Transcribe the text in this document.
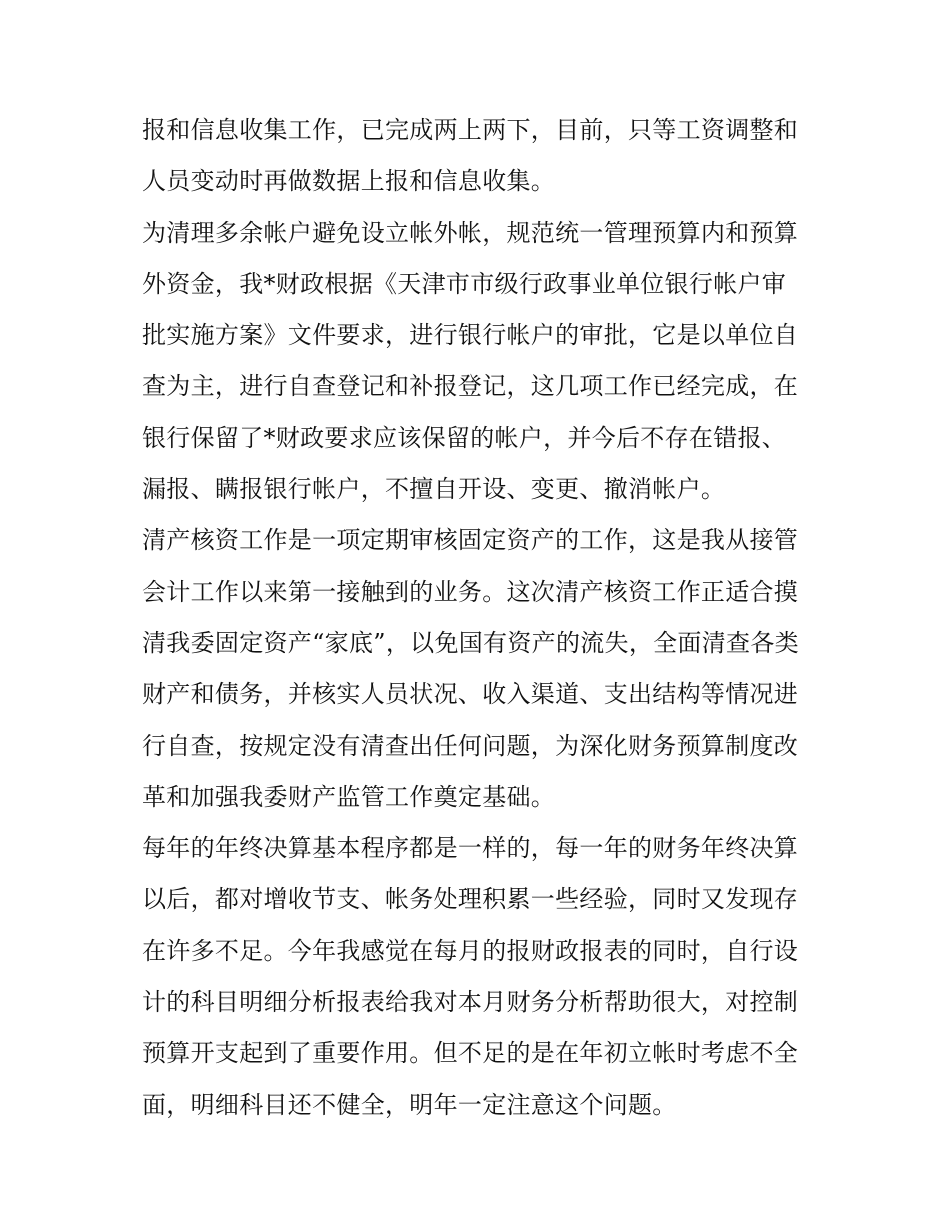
报和信息收集工作，已完成两上两下，目前，只等工资调整和
人员变动时再做数据上报和信息收集。
为清理多余帐户避免设立帐外帐，规范统一管理预算内和预算
外资金，我*财政根据《天津市市级行政事业单位银行帐户审
批实施方案》文件要求，进行银行帐户的审批，它是以单位自
查为主，进行自查登记和补报登记，这几项工作已经完成，在
银行保留了*财政要求应该保留的帐户，并今后不存在错报、
漏报、瞒报银行帐户，不擅自开设、变更、撤消帐户。
清产核资工作是一项定期审核固定资产的工作，这是我从接管
会计工作以来第一接触到的业务。这次清产核资工作正适合摸
清我委固定资产“家底”，以免国有资产的流失，全面清查各类
财产和债务，并核实人员状况、收入渠道、支出结构等情况进
行自查，按规定没有清查出任何问题，为深化财务预算制度改
革和加强我委财产监管工作奠定基础。
每年的年终决算基本程序都是一样的，每一年的财务年终决算
以后，都对增收节支、帐务处理积累一些经验，同时又发现存
在许多不足。今年我感觉在每月的报财政报表的同时，自行设
计的科目明细分析报表给我对本月财务分析帮助很大，对控制
预算开支起到了重要作用。但不足的是在年初立帐时考虑不全
面，明细科目还不健全，明年一定注意这个问题。
